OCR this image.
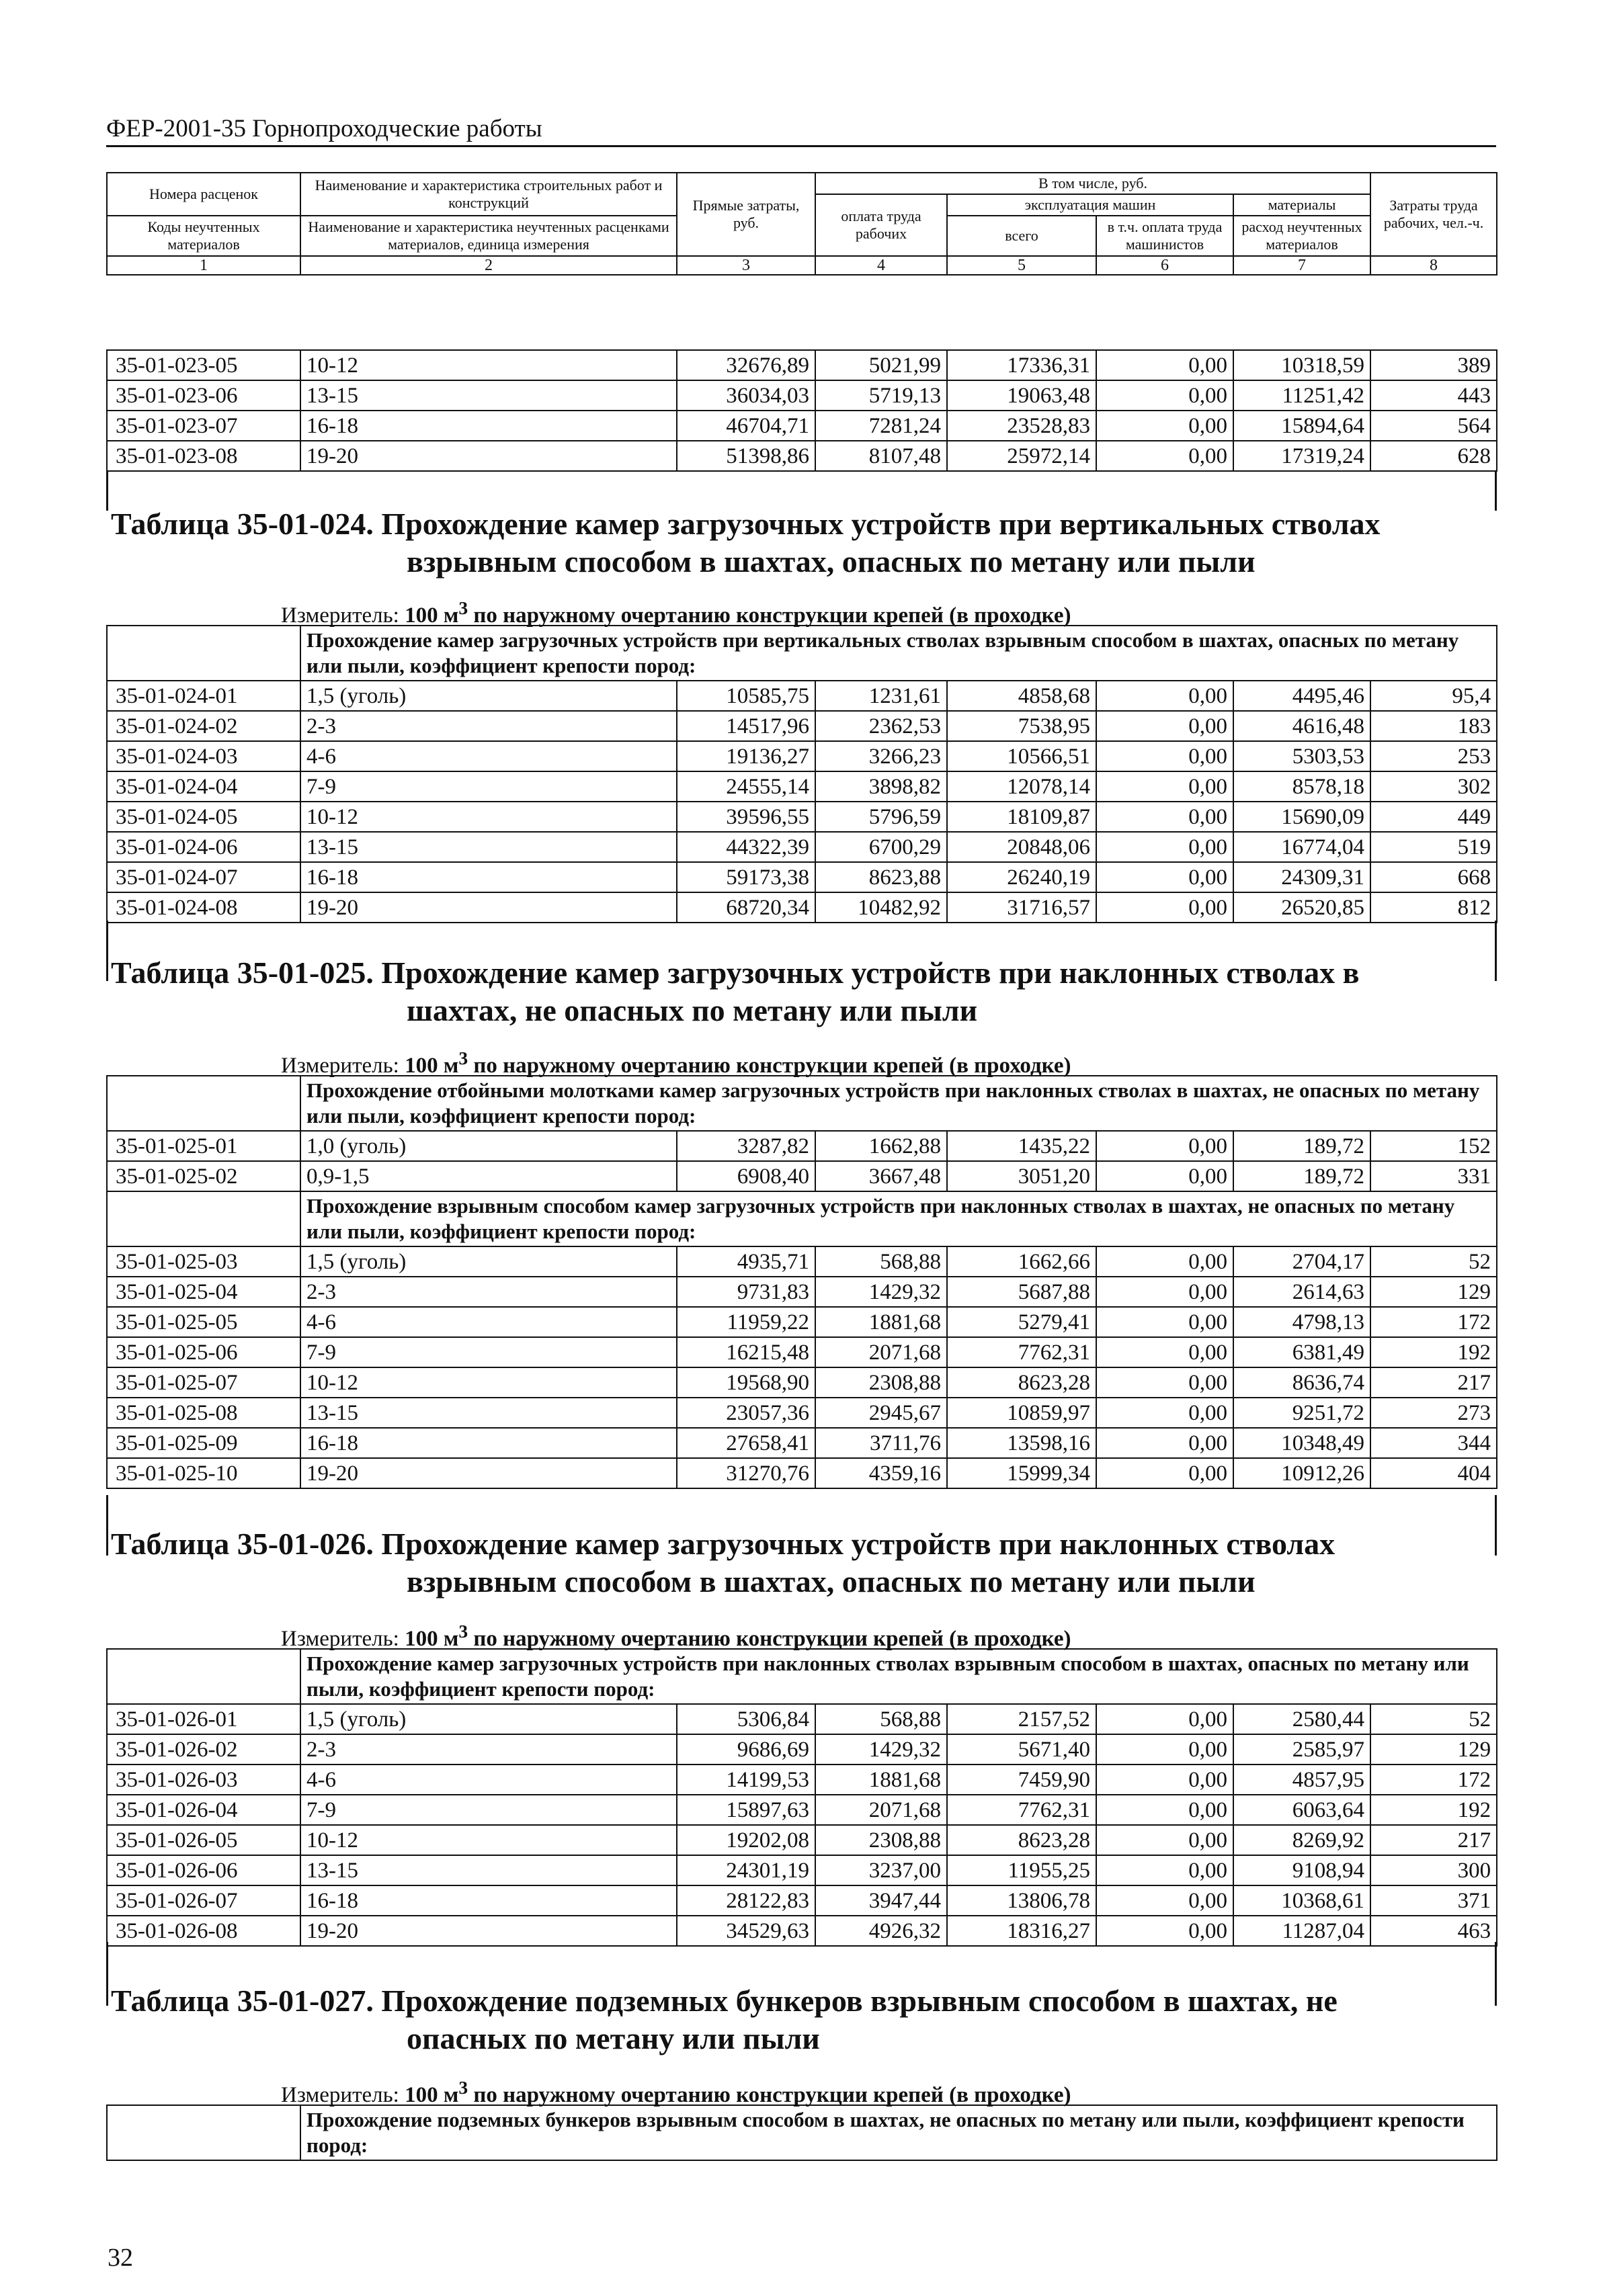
ФЕР-2001-35 Горнопроходческие работы
Номера расценок	Наименование и характеристика строительных работ и конструкций	Прямые затраты, руб.	В том числе, руб.				Затраты труда рабочих, чел.-ч.
			оплата труда рабочих	эксплуатация машин		материалы	
Коды неучтенных материалов	Наименование и характеристика неучтенных расценками материалов, единица измерения			всего	в т.ч. оплата труда машинистов	расход неучтенных материалов	

1	2	3	4	5	6	7	8
35-01-023-05	10-12	32676,89	5021,99	17336,31	0,00	10318,59	389
35-01-023-06	13-15	36034,03	5719,13	19063,48	0,00	11251,42	443
35-01-023-07	16-18	46704,71	7281,24	23528,83	0,00	15894,64	564
35-01-023-08	19-20	51398,86	8107,48	25972,14	0,00	17319,24	628
Таблица 35-01-024. Прохождение камер загрузочных устройств при вертикальных стволах
взрывным способом в шахтах, опасных по метану или пыли
Измеритель: 100 $м^3$ по наружному очертанию конструкции крепей (в проходке)
	Прохождение камер загрузочных устройств при вертикальных стволах взрывным способом в шахтах, опасных по метану или пыли, коэффициент крепости пород:						
35-01-024-01	1,5 (уголь)	10585,75	1231,61	4858,68	0,00	4495,46	95,4
35-01-024-02	2-3	14517,96	2362,53	7538,95	0,00	4616,48	183
35-01-024-03	4-6	19136,27	3266,23	10566,51	0,00	5303,53	253
35-01-024-04	7-9	24555,14	3898,82	12078,14	0,00	8578,18	302
35-01-024-05	10-12	39596,55	5796,59	18109,87	0,00	15690,09	449
35-01-024-06	13-15	44322,39	6700,29	20848,06	0,00	16774,04	519
35-01-024-07	16-18	59173,38	8623,88	26240,19	0,00	24309,31	668
35-01-024-08	19-20	68720,34	10482,92	31716,57	0,00	26520,85	812
Таблица 35-01-025. Прохождение камер загрузочных устройств при наклонных стволах в
шахтах, не опасных по метану или пыли
Измеритель: 100 $м^3$ по наружному очертанию конструкции крепей (в проходке)
	Прохождение отбойными молотками камер загрузочных устройств при наклонных стволах в шахтах, не опасных по метану или пыли, коэффициент крепости пород:						
35-01-025-01	1,0 (уголь)	3287,82	1662,88	1435,22	0,00	189,72	152
35-01-025-02	0,9-1,5	6908,40	3667,48	3051,20	0,00	189,72	331
	Прохождение взрывным способом камер загрузочных устройств при наклонных стволах в шахтах, не опасных по метану или пыли, коэффициент крепости пород:						
35-01-025-03	1,5 (уголь)	4935,71	568,88	1662,66	0,00	2704,17	52
35-01-025-04	2-3	9731,83	1429,32	5687,88	0,00	2614,63	129
35-01-025-05	4-6	11959,22	1881,68	5279,41	0,00	4798,13	172
35-01-025-06	7-9	16215,48	2071,68	7762,31	0,00	6381,49	192
35-01-025-07	10-12	19568,90	2308,88	8623,28	0,00	8636,74	217
35-01-025-08	13-15	23057,36	2945,67	10859,97	0,00	9251,72	273
35-01-025-09	16-18	27658,41	3711,76	13598,16	0,00	10348,49	344
35-01-025-10	19-20	31270,76	4359,16	15999,34	0,00	10912,26	404
Таблица 35-01-026. Прохождение камер загрузочных устройств при наклонных стволах
взрывным способом в шахтах, опасных по метану или пыли
Измеритель: 100 $м^3$ по наружному очертанию конструкции крепей (в проходке)
	Прохождение камер загрузочных устройств при наклонных стволах взрывным способом в шахтах, опасных по метану или пыли, коэффициент крепости пород:						
35-01-026-01	1,5 (уголь)	5306,84	568,88	2157,52	0,00	2580,44	52
35-01-026-02	2-3	9686,69	1429,32	5671,40	0,00	2585,97	129
35-01-026-03	4-6	14199,53	1881,68	7459,90	0,00	4857,95	172
35-01-026-04	7-9	15897,63	2071,68	7762,31	0,00	6063,64	192
35-01-026-05	10-12	19202,08	2308,88	8623,28	0,00	8269,92	217
35-01-026-06	13-15	24301,19	3237,00	11955,25	0,00	9108,94	300
35-01-026-07	16-18	28122,83	3947,44	13806,78	0,00	10368,61	371
35-01-026-08	19-20	34529,63	4926,32	18316,27	0,00	11287,04	463
Таблица 35-01-027. Прохождение подземных бункеров взрывным способом в шахтах, не
опасных по метану или пыли
Измеритель: 100 $м^3$ по наружному очертанию конструкции крепей (в проходке)
	Прохождение подземных бункеров взрывным способом в шахтах, не опасных по метану или пыли, коэффициент крепости пород:
32
